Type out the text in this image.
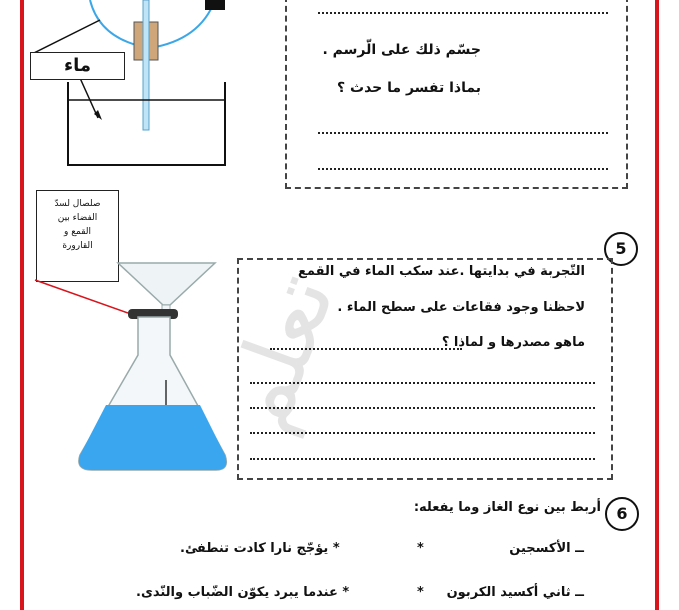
تعلم
ماء
جسّم ذلك على الّرسم .
بماذا تفسر ما حدث ؟
صلصال لسدّ
الفضاء بين
القمع و
القارورة	5
التّجربة في بدايتها .عند سكب الماء في القمع
لاحظنا وجود فقاعات على سطح الماء .
ماهو مصدرها و لماذا ؟
6
أربط بين نوع الغاز وما يفعله:
ــ الأكسجين
*
* يؤجّج نارا كادت تنطفئ.
ــ ثاني أكسيد الكربون
*
* عندما يبرد يكوّن الضّباب والنّدى.
